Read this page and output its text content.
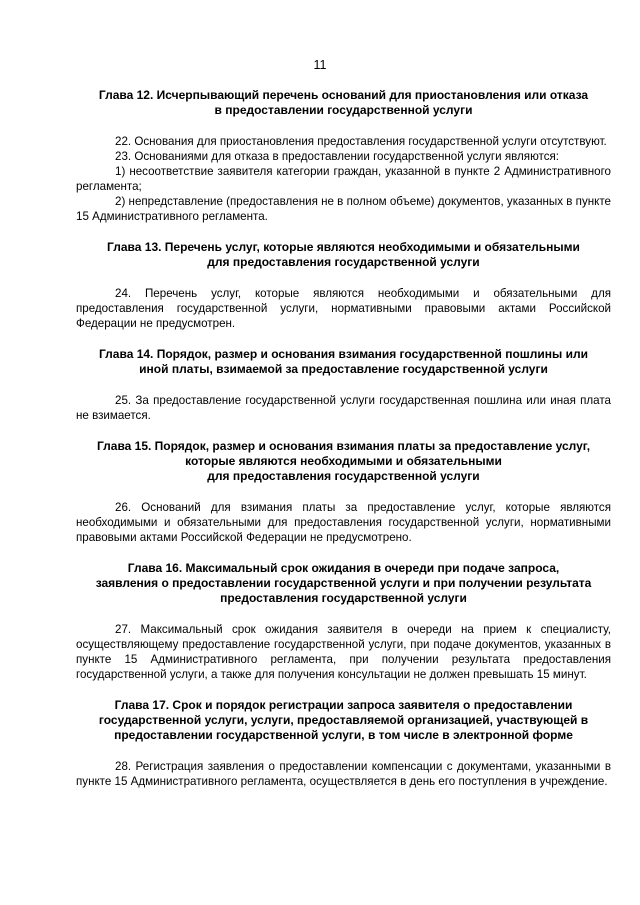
11
Глава 12. Исчерпывающий перечень оснований для приостановления или отказа
в предоставлении государственной услуги

22. Основания для приостановления предоставления государственной услуги отсутствуют.

23. Основаниями для отказа в предоставлении государственной услуги являются:

1) несоответствие заявителя категории граждан, указанной в пункте 2 Административного регламента;

2) непредставление (предоставления не в полном объеме) документов, указанных в пункте 15 Административного регламента.

Глава 13. Перечень услуг, которые являются необходимыми и обязательными
для предоставления государственной услуги

24. Перечень услуг, которые являются необходимыми и обязательными для предоставления государственной услуги, нормативными правовыми актами Российской Федерации не предусмотрен.

Глава 14. Порядок, размер и основания взимания государственной пошлины или
иной платы, взимаемой за предоставление государственной услуги

25. За предоставление государственной услуги государственная пошлина или иная плата не взимается.

Глава 15. Порядок, размер и основания взимания платы за предоставление услуг,
которые являются необходимыми и обязательными
для предоставления государственной услуги

26. Оснований для взимания платы за предоставление услуг, которые являются необходимыми и обязательными для предоставления государственной услуги, нормативными правовыми актами Российской Федерации не предусмотрено.

Глава 16. Максимальный срок ожидания в очереди при подаче запроса,
заявления о предоставлении государственной услуги и при получении результата
предоставления государственной услуги

27. Максимальный срок ожидания заявителя в очереди на прием к специалисту, осуществляющему предоставление государственной услуги, при подаче документов, указанных в пункте 15 Административного регламента, при получении результата предоставления государственной услуги, а также для получения консультации не должен превышать 15 минут.

Глава 17. Срок и порядок регистрации запроса заявителя о предоставлении
государственной услуги, услуги, предоставляемой организацией, участвующей в
предоставлении государственной услуги, в том числе в электронной форме

28. Регистрация заявления о предоставлении компенсации с документами, указанными в пункте 15 Административного регламента, осуществляется в день его поступления в учреждение.
